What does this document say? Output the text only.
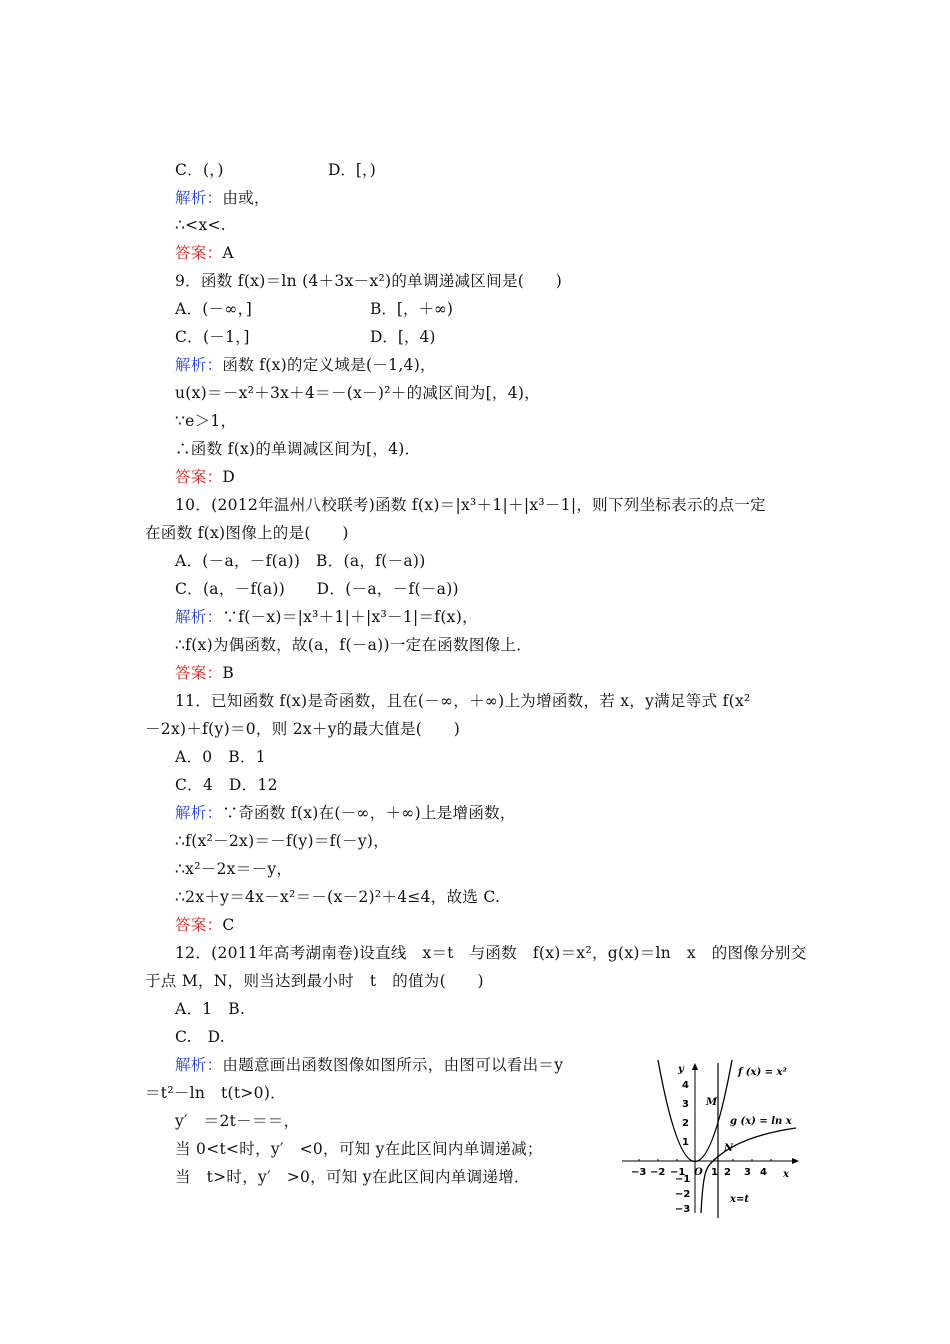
C．(，)	D．[，)
解析：由或，
∴<x<.
答案：A
9．函数 f(x)＝ln (4＋3x－x²)的单调递减区间是(　　)
A．(－∞，]	B．[，＋∞)
C．(－1，]	D．[，4)
解析：函数 f(x)的定义域是(－1,4)，
u(x)＝－x²＋3x＋4＝－(x－)²＋的减区间为[，4)，
∵e＞1，
∴函数 f(x)的单调减区间为[，4)．
答案：D
10．(2012年温州八校联考)函数 f(x)＝|x³＋1|＋|x³－1|，则下列坐标表示的点一定
在函数 f(x)图像上的是(　　)
A．(－a，－f(a))　B．(a，f(－a))
C．(a，－f(a))　　D．(－a，－f(－a))
解析：∵f(－x)＝|x³＋1|＋|x³－1|＝f(x)，
∴f(x)为偶函数，故(a，f(－a))一定在函数图像上．
答案：B
11．已知函数 f(x)是奇函数，且在(－∞，＋∞)上为增函数，若 x，y满足等式 f(x²
－2x)＋f(y)＝0，则 2x＋y的最大值是(　　)
A．0　B．1
C．4　D．12
解析：∵奇函数 f(x)在(－∞，＋∞)上是增函数，
∴f(x²－2x)＝－f(y)＝f(－y)，
∴x²－2x＝－y，
∴2x＋y＝4x－x²＝－(x－2)²＋4≤4，故选 C.
答案：C
12．(2011年高考湖南卷)设直线　x＝t　与函数　f(x)＝x²，g(x)＝ln　x　的图像分别交
于点 M，N，则当达到最小时　t　的值为(　　)
A．1　B.
C.　D.
解析：由题意画出函数图像如图所示，由图可以看出＝y
＝t²－ln　t(t>0)．
y′　＝2t－＝＝，
当 0<t<时，y′　<0，可知 y在此区间内单调递减；
当　t>时，y′　>0，可知 y在此区间内单调递增．
y
x
f (x) = x²
g (x) = ln x
M
N
O
x=t
−3 −2 −1	1 2 3 4
4
3
2
1
−1
−2
−3
